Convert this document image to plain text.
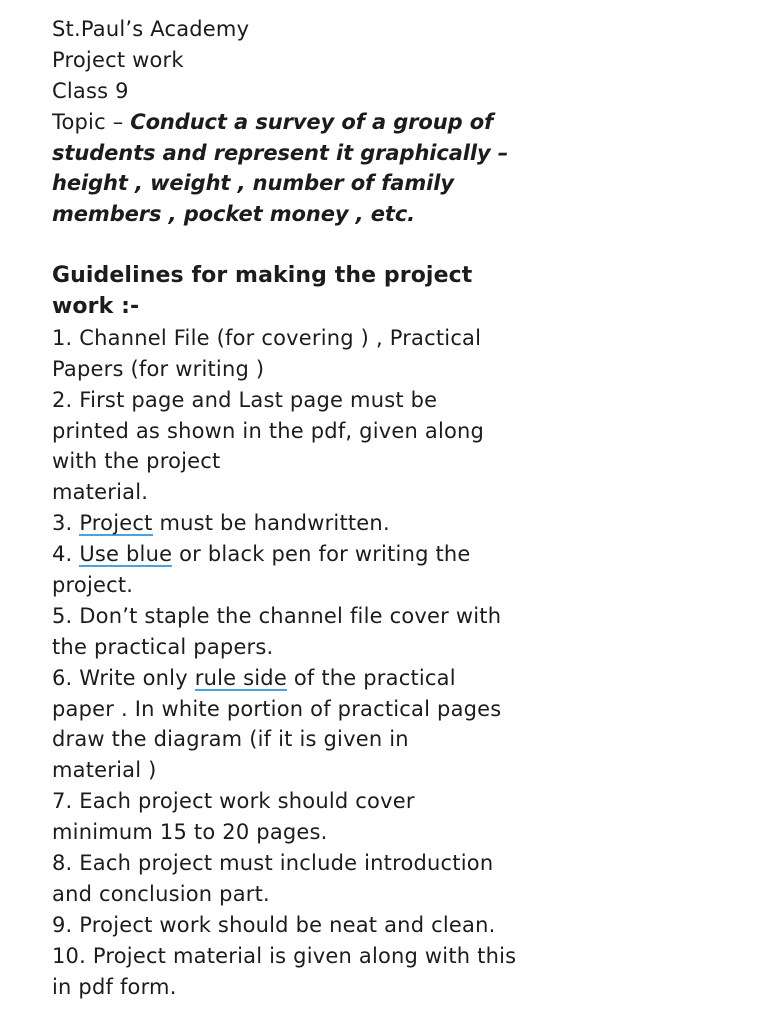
St.Paul’s Academy
Project work
Class 9
Topic – Conduct a survey of a group of
students and represent it graphically –
height , weight , number of family
members , pocket money , etc.
Guidelines for making the project
work :-
1. Channel File (for covering ) , Practical
Papers (for writing )
2. First page and Last page must be
printed as shown in the pdf, given along
with the project
material.
3. Project must be handwritten.
4. Use blue or black pen for writing the
project.
5. Don’t staple the channel file cover with
the practical papers.
6. Write only rule side of the practical
paper . In white portion of practical pages
draw the diagram (if it is given in
material )
7. Each project work should cover
minimum 15 to 20 pages.
8. Each project must include introduction
and conclusion part.
9. Project work should be neat and clean.
10. Project material is given along with this
in pdf form.
